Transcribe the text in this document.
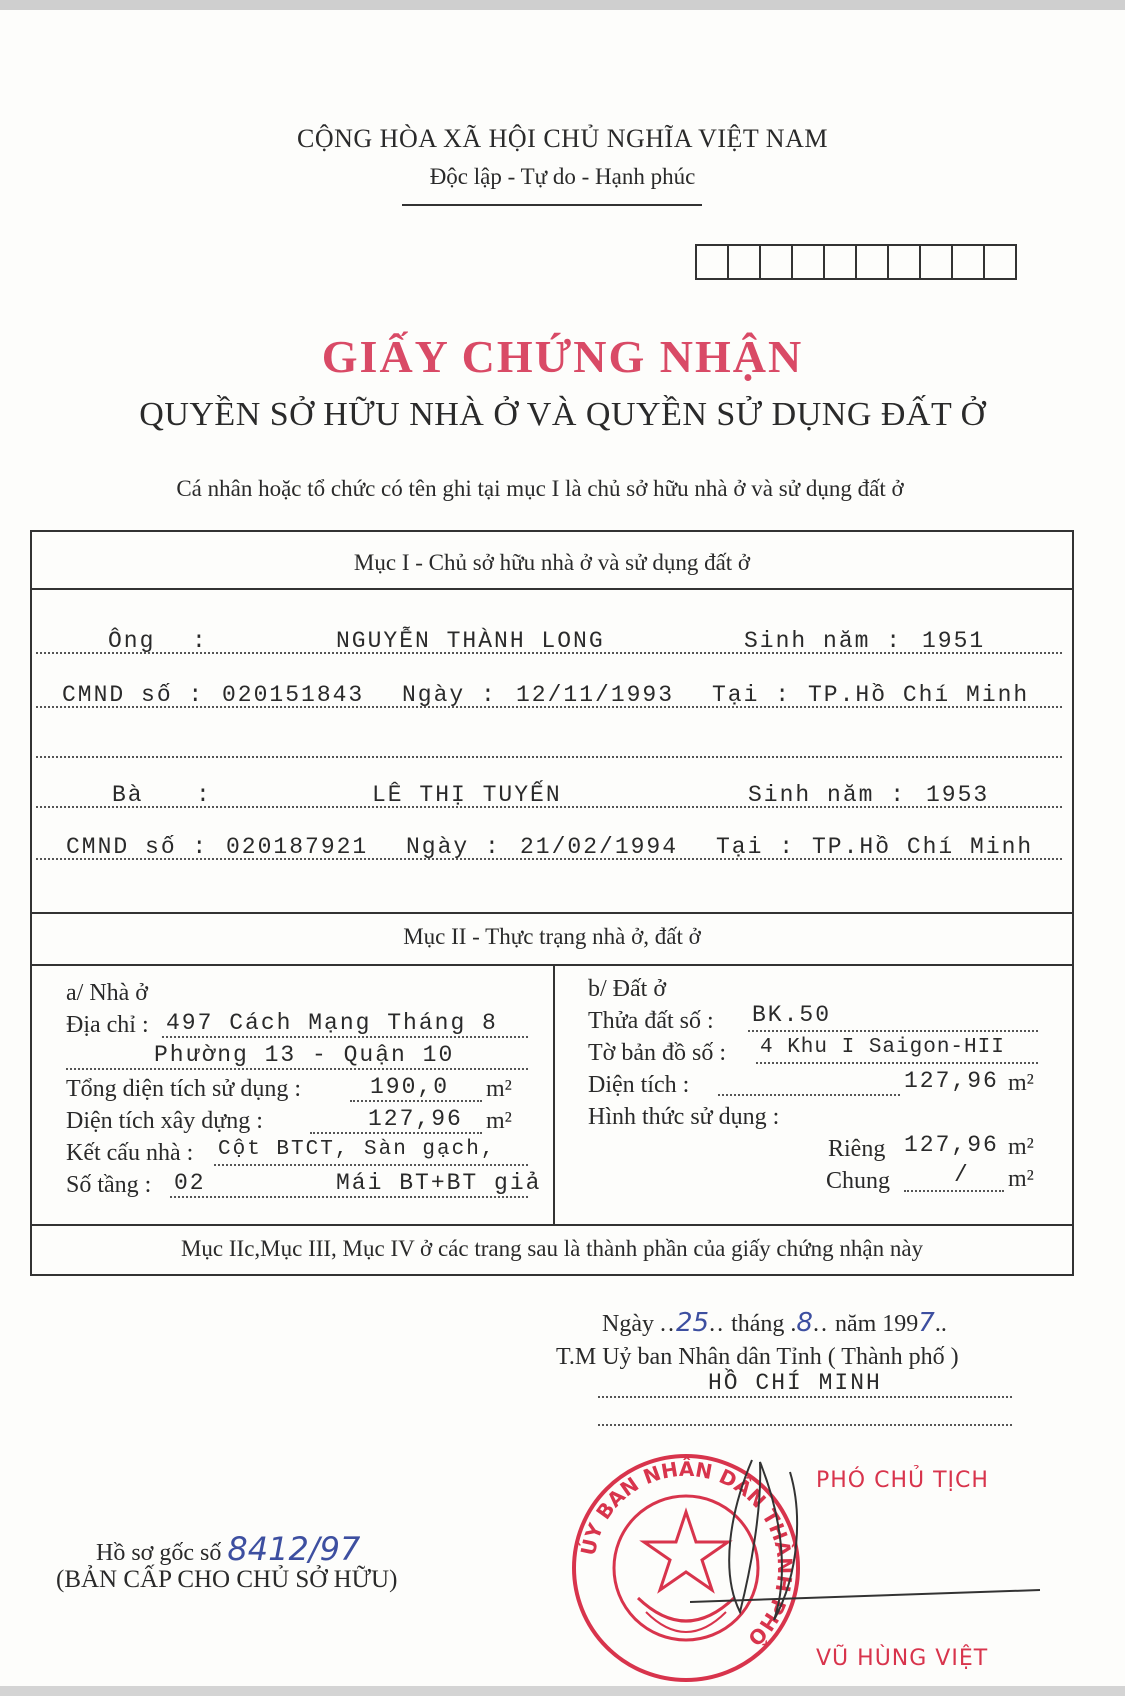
CỘNG HÒA XÃ HỘI CHỦ NGHĨA VIỆT NAM
Độc lập - Tự do - Hạnh phúc
GIẤY CHỨNG NHẬN
QUYỀN SỞ HỮU NHÀ Ở VÀ QUYỀN SỬ DỤNG ĐẤT Ở
Cá nhân hoặc tổ chức có tên ghi tại mục I là chủ sở hữu nhà ở và sử dụng đất ở
Mục I - Chủ sở hữu nhà ở và sử dụng đất ở
Ông :	NGUYỄN THÀNH LONG	Sinh năm : 1951
CMND số : 020151843 Ngày : 12/11/1993 Tại : TP.Hồ Chí Minh
Bà :	LÊ THỊ TUYẾN	Sinh năm : 1953
CMND số : 020187921 Ngày : 21/02/1994 Tại : TP.Hồ Chí Minh
Mục II - Thực trạng nhà ở, đất ở
a/ Nhà ở
Địa chỉ : 497 Cách Mạng Tháng 8
Phường 13 - Quận 10
Tổng diện tích sử dụng :	190,0 m²
Diện tích xây dựng :	127,96 m²
Kết cấu nhà : Cột BTCT, Sàn gạch,
Số tầng : 02	Mái BT+BT giả
b/ Đất ở
Thửa đất số : BK.50
Tờ bản đồ số : 4 Khu I Saigon-HII
Diện tích :	127,96 m²
Hình thức sử dụng :
Riêng 127,96 m²
Chung	/ m²
Mục IIc,Mục III, Mục IV ở các trang sau là thành phần của giấy chứng nhận này
Ngày ..25.. tháng .8.. năm 1997..
T.M Uỷ ban Nhân dân Tỉnh ( Thành phố )
HỒ CHÍ MINH
ỦY BAN NHÂN DÂN THÀNH PHỐ
PHÓ CHỦ TỊCH
VŨ HÙNG VIỆT
Hồ sơ gốc số 8412/97
(BẢN CẤP CHO CHỦ SỞ HỮU)
